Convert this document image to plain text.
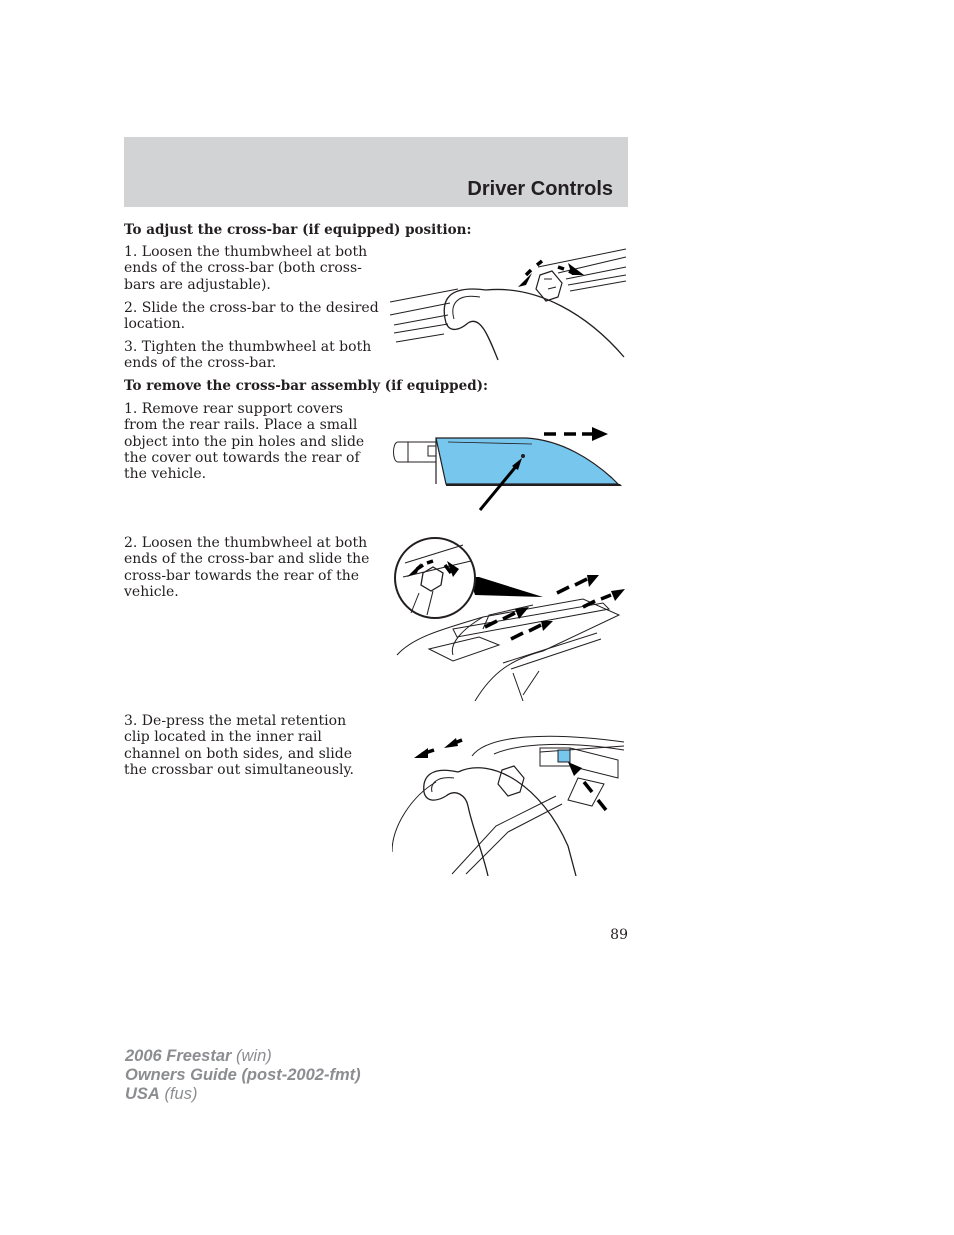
Driver Controls
To adjust the cross-bar (if equipped) position:
1. Loosen the thumbwheel at both ends of the cross-bar (both cross-bars are adjustable).
2. Slide the cross-bar to the desired location.
3. Tighten the thumbwheel at both ends of the cross-bar.
To remove the cross-bar assembly (if equipped):
1. Remove rear support covers from the rear rails. Place a small object into the pin holes and slide the cover out towards the rear of the vehicle.
2. Loosen the thumbwheel at both ends of the cross-bar and slide the cross-bar towards the rear of the vehicle.
3. De-press the metal retention clip located in the inner rail channel on both sides, and slide the crossbar out simultaneously.
89
2006 Freestar (win)
Owners Guide (post-2002-fmt)
USA (fus)
